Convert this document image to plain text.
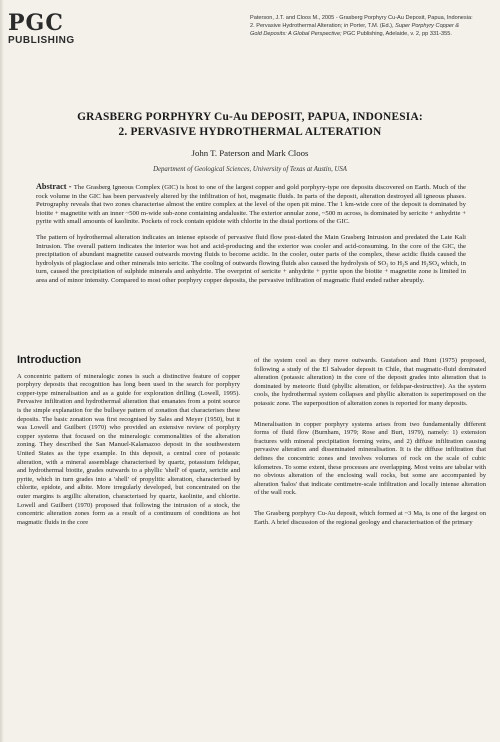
PGC
PUBLISHING
Paterson, J.T. and Cloos M., 2005 - Grasberg Porphyry Cu-Au Deposit, Papua, Indonesia:
2. Pervasive Hydrothermal Alteration; in Porter, T.M. (Ed.), Super Porphyry Copper &
Gold Deposits: A Global Perspective; PGC Publishing, Adelaide, v. 2, pp 331-355.
GRASBERG PORPHYRY Cu-Au DEPOSIT, PAPUA, INDONESIA:
2. PERVASIVE HYDROTHERMAL ALTERATION
John T. Paterson and Mark Cloos
Department of Geological Sciences, University of Texas at Austin, USA

Abstract - The Grasberg Igneous Complex (GIC) is host to one of the largest copper and gold porphyry-type ore deposits discovered on Earth. Much of the rock volume in the GIC has been pervasively altered by the infiltration of hot, magmatic fluids. In parts of the deposit, alteration destroyed all igneous phases. Petrography reveals that two zones characterise almost the entire complex at the level of the open pit mine. The 1 km-wide core of the deposit is dominated by biotite + magnetite with an inner ~500 m-wide sub-zone containing andalusite. The exterior annular zone, ~500 m across, is dominated by sericite + anhydrite + pyrite with small amounts of kaolinite. Pockets of rock contain epidote with chlorite in the distal portions of the GIC.

The pattern of hydrothermal alteration indicates an intense episode of pervasive fluid flow post-dated the Main Grasberg Intrusion and predated the Late Kali Intrusion. The overall pattern indicates the interior was hot and acid-producing and the exterior was cooler and acid-consuming. In the core of the GIC, the precipitation of abundant magnetite caused outwards moving fluids to become acidic. In the cooler, outer parts of the complex, these acidic fluids caused the hydrolysis of plagioclase and other minerals into sericite. The cooling of outwards flowing fluids also caused the hydrolysis of SO₂ to H₂S and H₂SO₄ which, in turn, caused the precipitation of sulphide minerals and anhydrite. The overprint of sericite + anhydrite + pyrite upon the biotite + magnetite zone is limited in area and of minor intensity. Compared to most other porphyry copper deposits, the pervasive infiltration of magmatic fluid ended rather abruptly.

Introduction

A concentric pattern of mineralogic zones is such a distinctive feature of copper porphyry deposits that recognition has long been used in the search for porphyry copper-type mineralisation and as a guide for exploration drilling (Lowell, 1995). Pervasive infiltration and hydrothermal alteration that emanates from a point source is the simple explanation for the bullseye pattern of zonation that characterises these deposits. The basic zonation was first recognised by Sales and Meyer (1950), but it was Lowell and Guilbert (1970) who provided an extensive review of porphyry copper systems that focused on the mineralogic commonalities of the alteration zoning. They described the San Manuel-Kalamazoo deposit in the southwestern United States as the type example. In this deposit, a central core of potassic alteration, with a mineral assemblage characterised by quartz, potassium feldspar, and hydrothermal biotite, grades outwards to a phyllic 'shell' of quartz, sericite and pyrite, which in turn grades into a 'shell' of propylitic alteration, characterised by chlorite, epidote, and albite. More irregularly developed, but concentrated on the outer margins is argillic alteration, characterised by quartz, kaolinite, and chlorite. Lowell and Guilbert (1970) proposed that following the intrusion of a stock, the concentric alteration zones form as a result of a continuum of conditions as hot magmatic fluids in the core

of the system cool as they move outwards. Gustafson and Hunt (1975) proposed, following a study of the El Salvador deposit in Chile, that magmatic-fluid dominated alteration (potassic alteration) in the core of the deposit grades into alteration that is dominated by meteoric fluid (phyllic alteration, or feldspar-destructive). As the system cools, the hydrothermal system collapses and phyllic alteration is superimposed on the potassic zone. The superposition of alteration zones is reported for many deposits.

Mineralisation in copper porphyry systems arises from two fundamentally different forms of fluid flow (Burnham, 1979; Rose and Burt, 1979), namely: 1) extension fractures with mineral precipitation forming veins, and 2) diffuse infiltration causing pervasive alteration and disseminated mineralisation. It is the diffuse infiltration that defines the concentric zones and involves volumes of rock on the scale of cubic kilometres. To some extent, these processes are overlapping. Most veins are tabular with no obvious alteration of the enclosing wall rocks, but some are accompanied by alteration 'halos' that indicate centimetre-scale infiltration and locally intense alteration of the wall rock.

The Grasberg porphyry Cu-Au deposit, which formed at ~3 Ma, is one of the largest on Earth. A brief discussion of the regional geology and characterisation of the primary
